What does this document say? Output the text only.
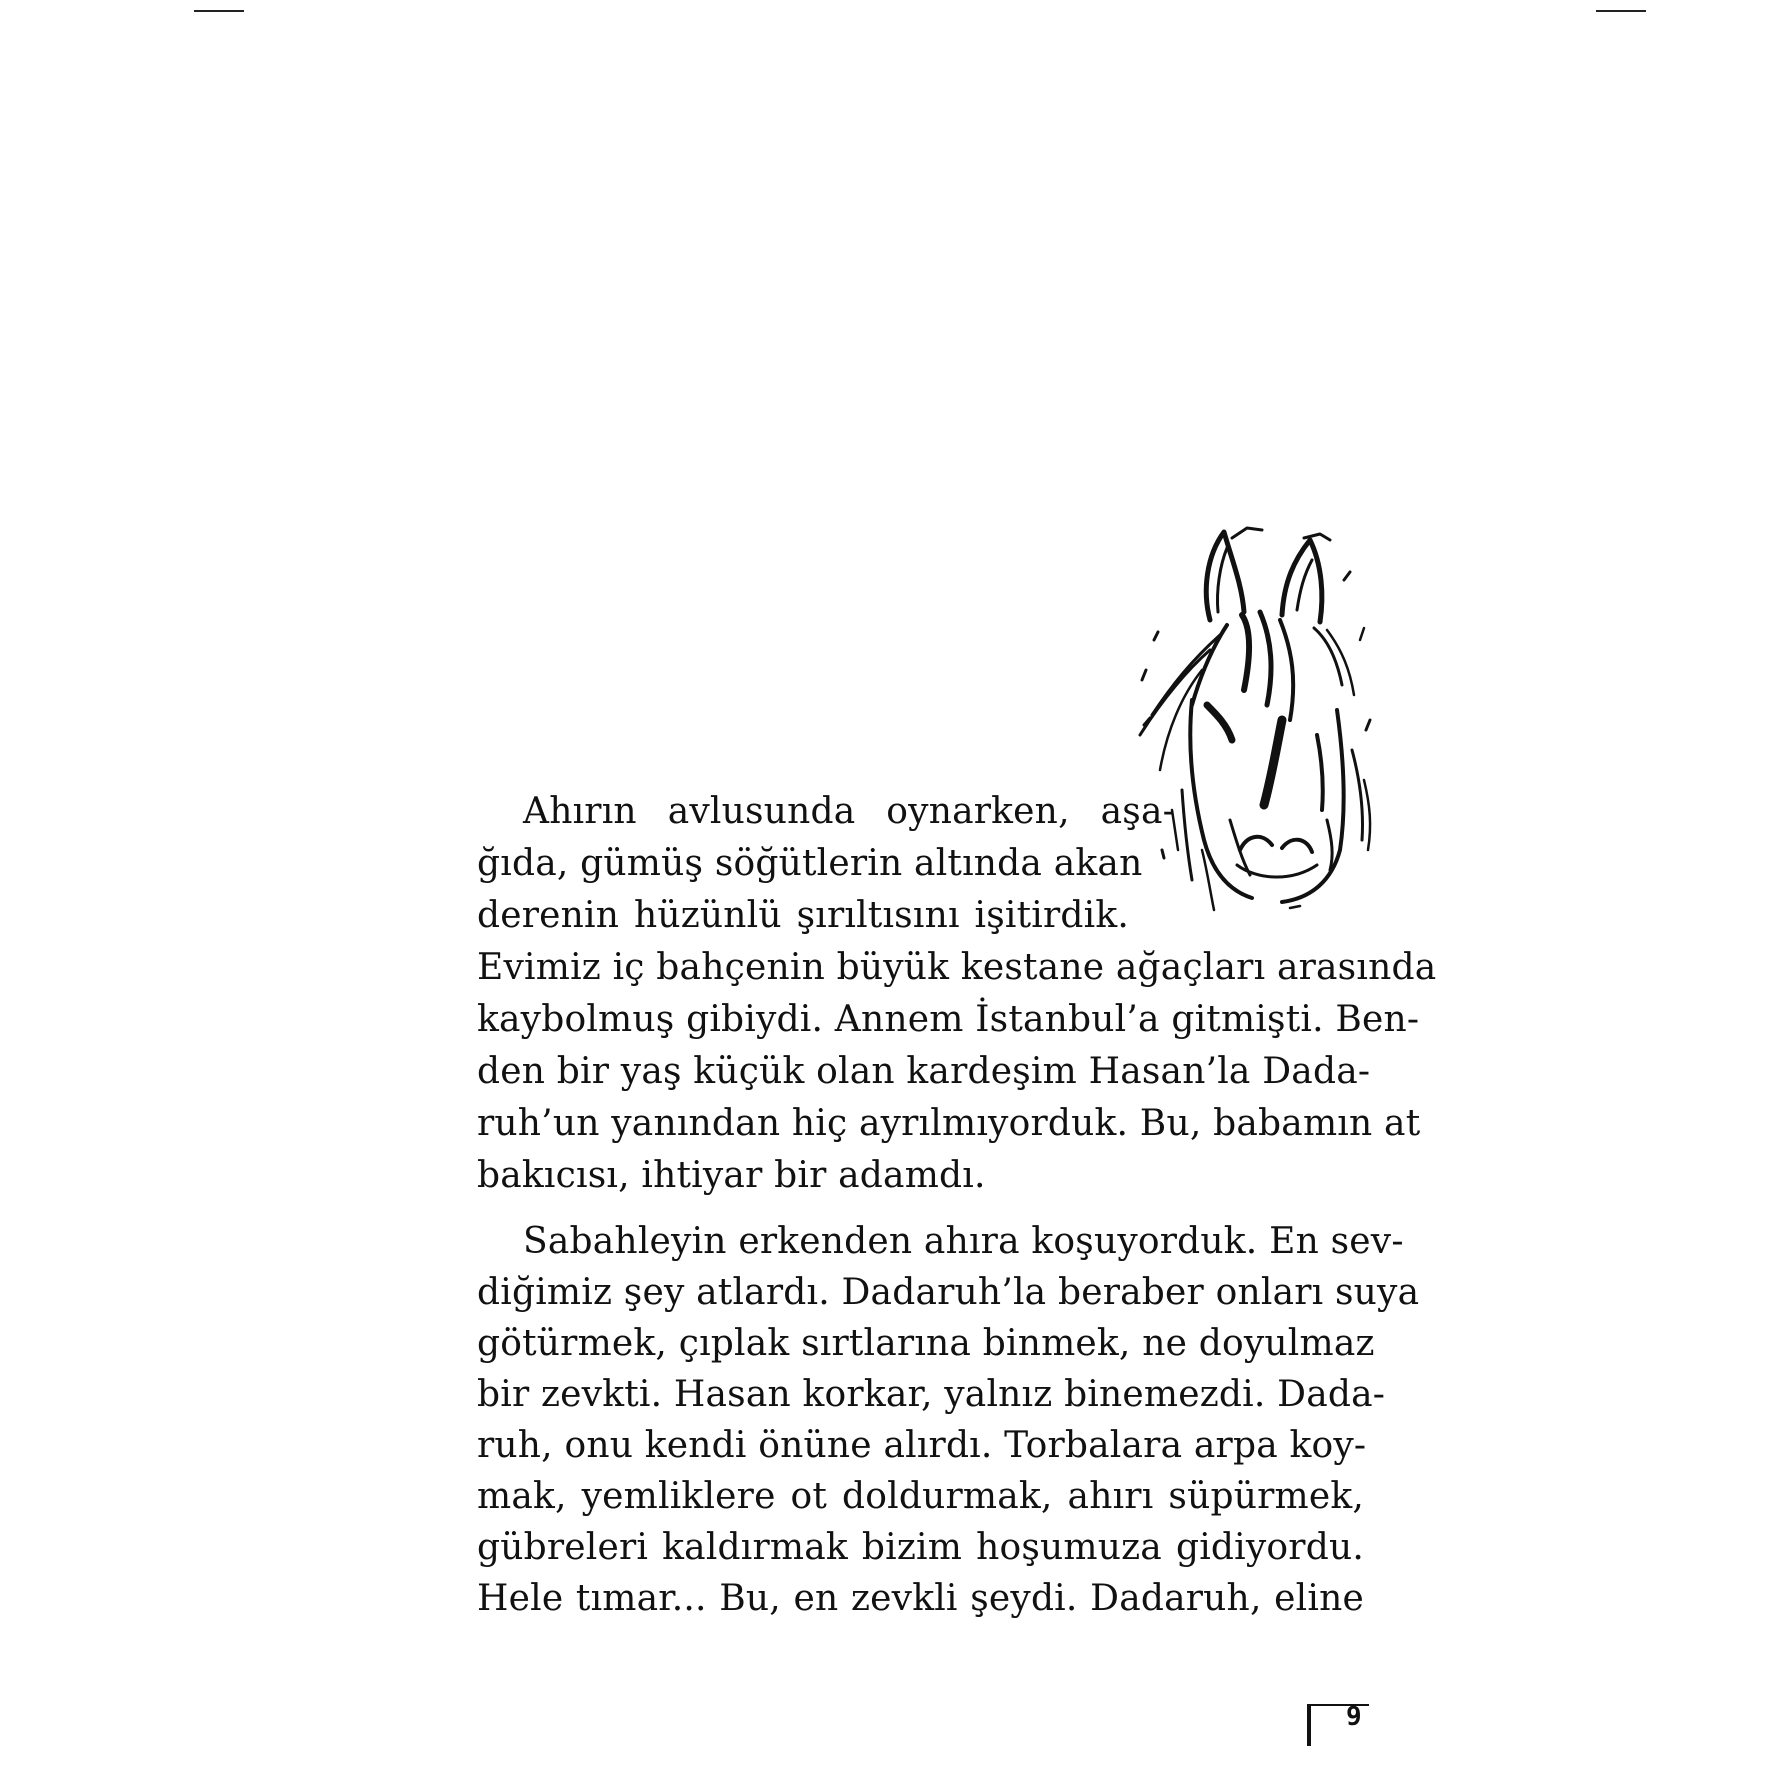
Ahırın avlusunda oynarken, aşa-
ğıda, gümüş söğütlerin altında akan
derenin hüzünlü şırıltısını işitirdik.
Evimiz iç bahçenin büyük kestane ağaçları arasında
kaybolmuş gibiydi. Annem İstanbul’a gitmişti. Ben-
den bir yaş küçük olan kardeşim Hasan’la Dada-
ruh’un yanından hiç ayrılmıyorduk. Bu, babamın at
bakıcısı, ihtiyar bir adamdı.
Sabahleyin erkenden ahıra koşuyorduk. En sev-
diğimiz şey atlardı. Dadaruh’la beraber onları suya
götürmek, çıplak sırtlarına binmek, ne doyulmaz
bir zevkti. Hasan korkar, yalnız binemezdi. Dada-
ruh, onu kendi önüne alırdı. Torbalara arpa koy-
mak, yemliklere ot doldurmak, ahırı süpürmek,
gübreleri kaldırmak bizim hoşumuza gidiyordu.
Hele tımar... Bu, en zevkli şeydi. Dadaruh, eline
9
